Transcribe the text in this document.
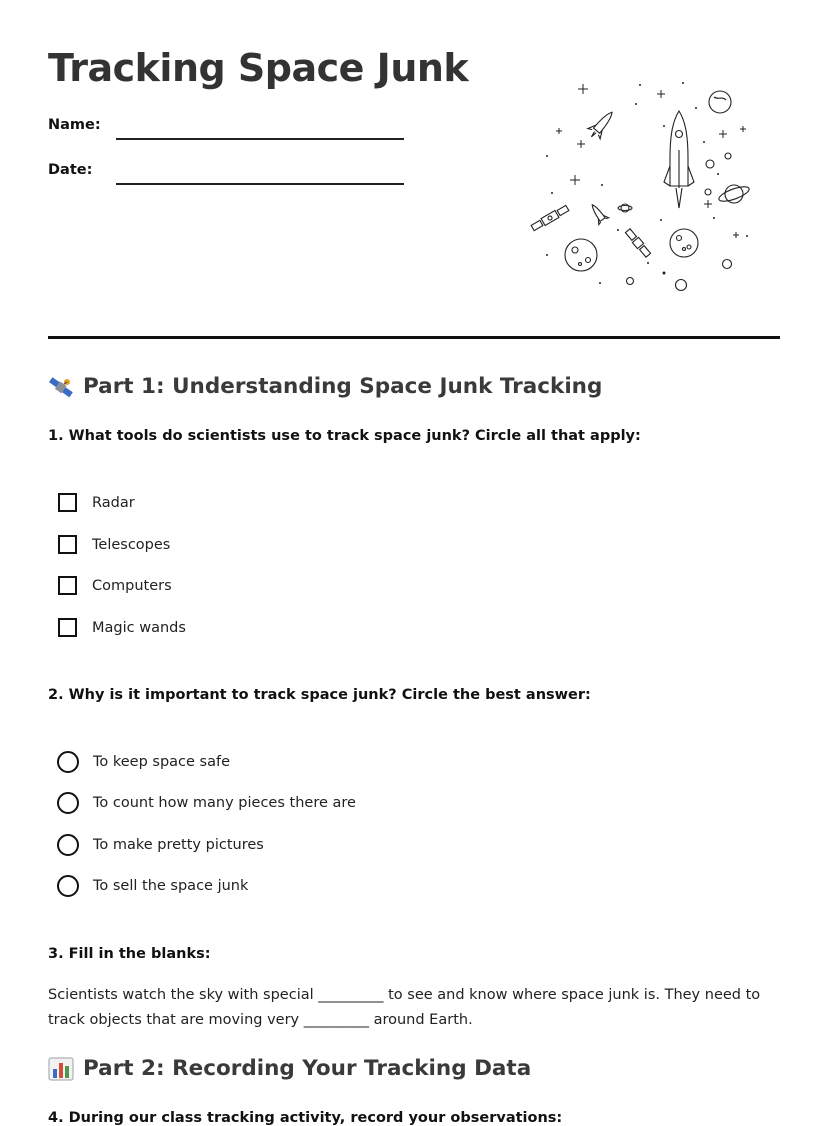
Tracking Space Junk
Name:
Date:
Part 1: Understanding Space Junk Tracking

1. What tools do scientists use to track space junk? Circle all that apply:

Radar
Telescopes
Computers
Magic wands

2. Why is it important to track space junk? Circle the best answer:

To keep space safe
To count how many pieces there are
To make pretty pictures
To sell the space junk

3. Fill in the blanks:

Scientists watch the sky with special _________ to see and know where space junk is. They need to track objects that are moving very _________ around Earth.

Part 2: Recording Your Tracking Data

4. During our class tracking activity, record your observations:
